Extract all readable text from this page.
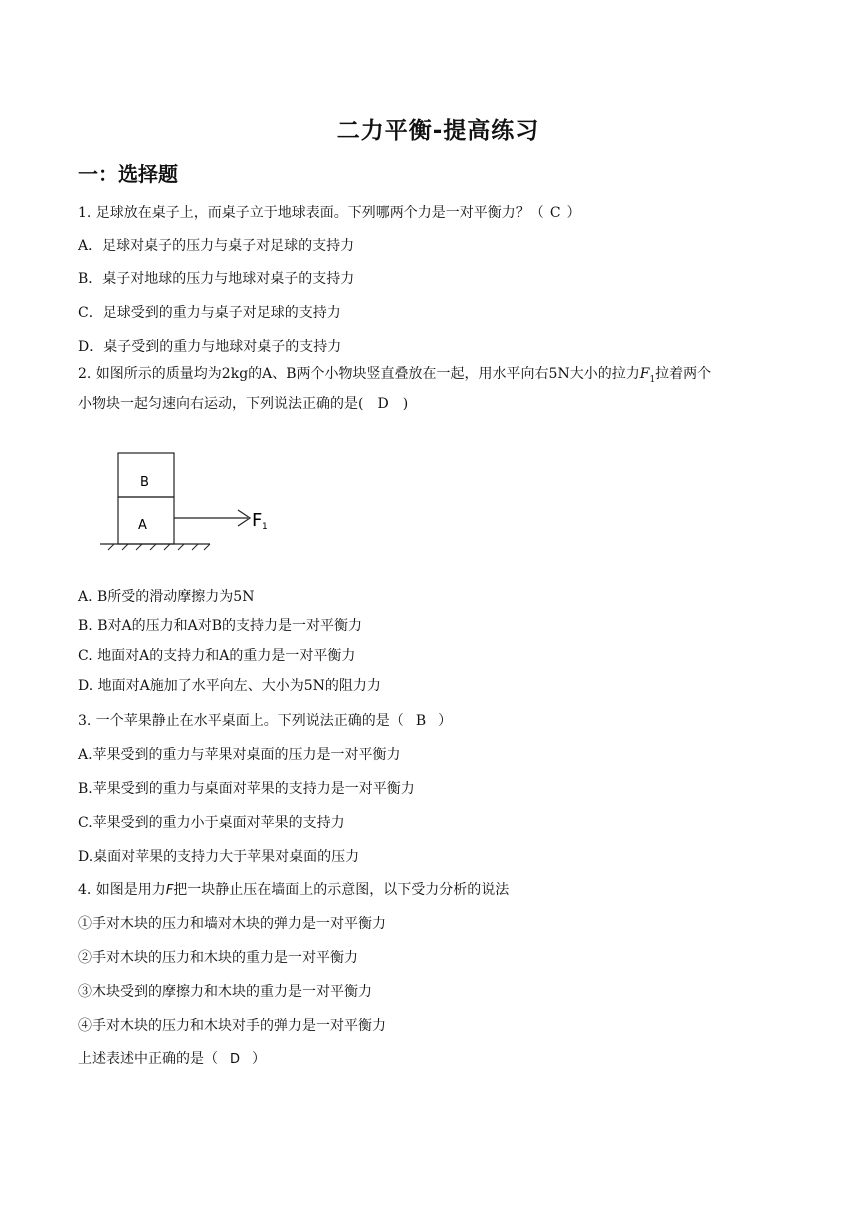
二力平衡-提高练习
一：选择题
1. 足球放在桌子上，而桌子立于地球表面。下列哪两个力是一对平衡力？（ C ）
A．足球对桌子的压力与桌子对足球的支持力
B．桌子对地球的压力与地球对桌子的支持力
C．足球受到的重力与桌子对足球的支持力
D．桌子受到的重力与地球对桌子的支持力
2. 如图所示的质量均为2kg的A、B两个小物块竖直叠放在一起，用水平向右5N大小的拉力$F_1$拉着两个
小物块一起匀速向右运动，下列说法正确的是( D )
B
A	F 1
A. B所受的滑动摩擦力为5N
B. B对A的压力和A对B的支持力是一对平衡力
C. 地面对A的支持力和A的重力是一对平衡力
D. 地面对A施加了水平向左、大小为5N的阻力力
3. 一个苹果静止在水平桌面上。下列说法正确的是（ B ）
A.苹果受到的重力与苹果对桌面的压力是一对平衡力
B.苹果受到的重力与桌面对苹果的支持力是一对平衡力
C.苹果受到的重力小于桌面对苹果的支持力
D.桌面对苹果的支持力大于苹果对桌面的压力
4. 如图是用力F把一块静止压在墙面上的示意图，以下受力分析的说法
①手对木块的压力和墙对木块的弹力是一对平衡力
②手对木块的压力和木块的重力是一对平衡力
③木块受到的摩擦力和木块的重力是一对平衡力
④手对木块的压力和木块对手的弹力是一对平衡力
上述表述中正确的是（ D ）
